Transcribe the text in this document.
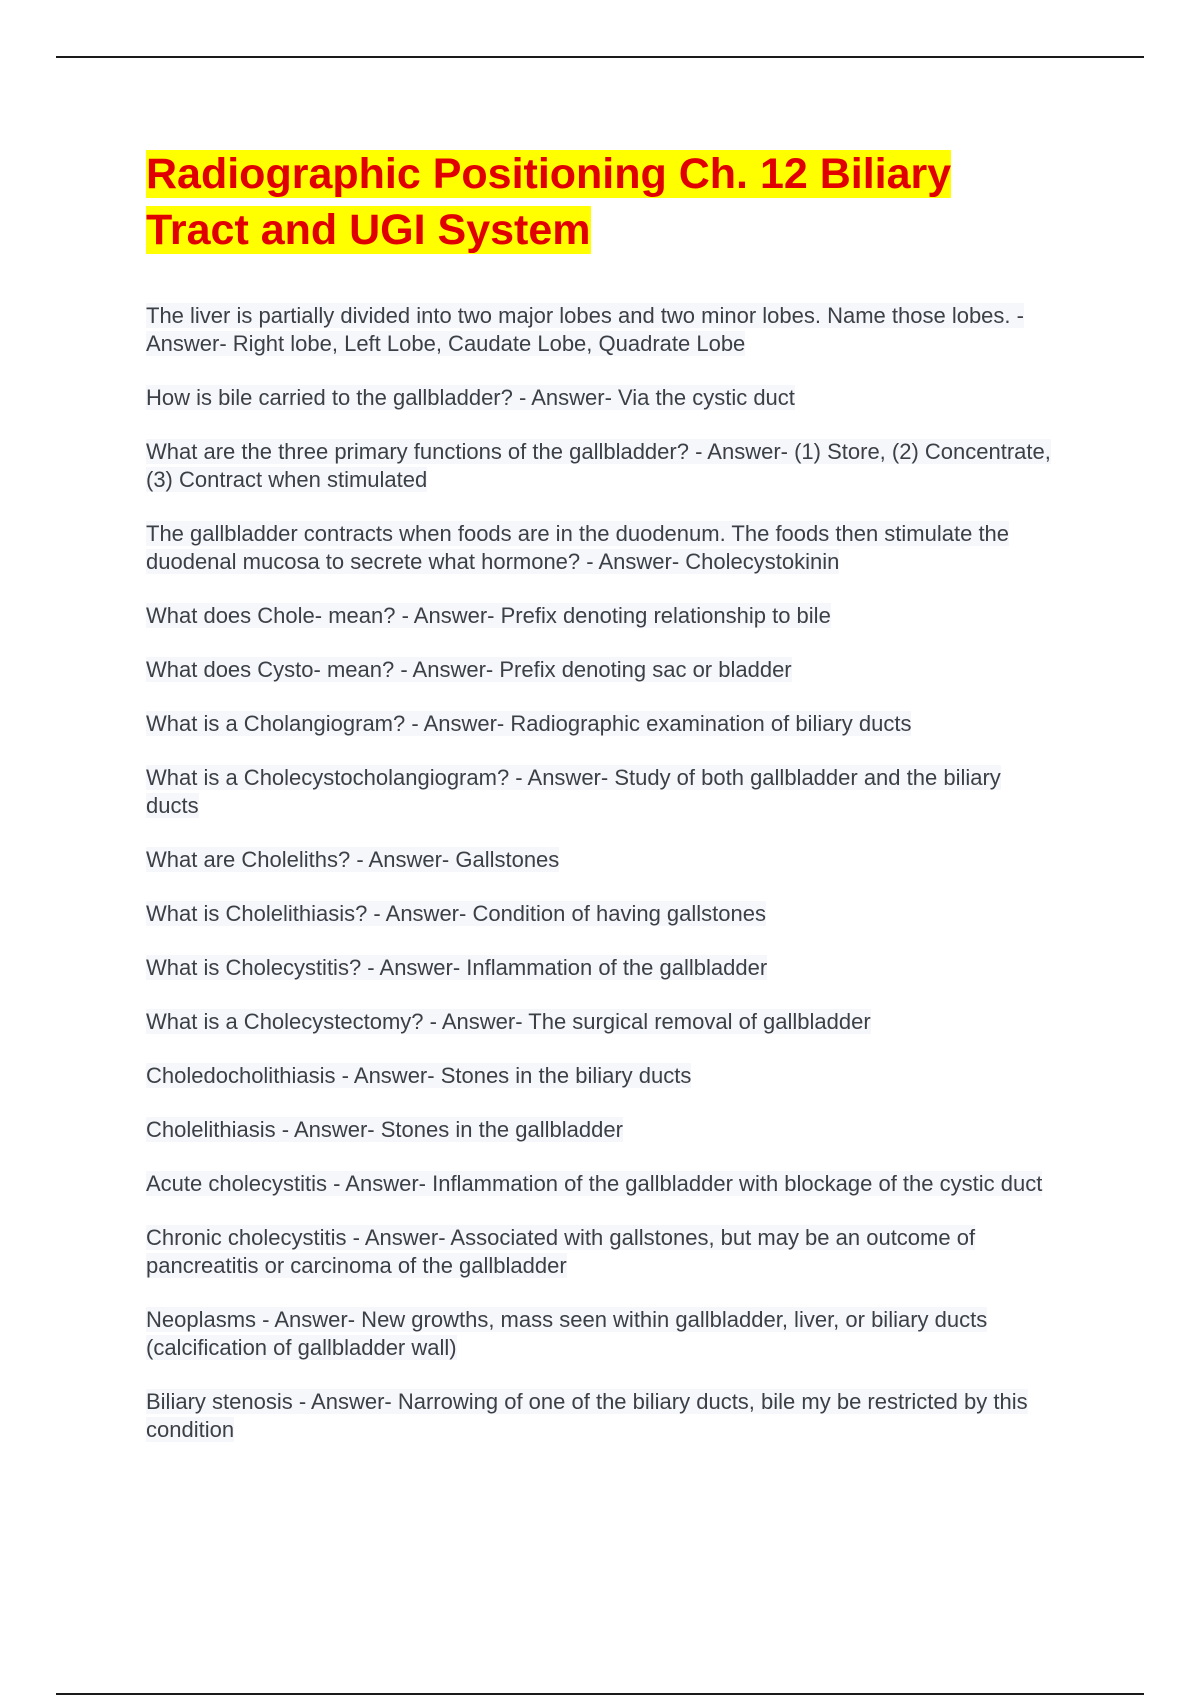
Radiographic Positioning Ch. 12 Biliary
Tract and UGI System

The liver is partially divided into two major lobes and two minor lobes. Name those lobes. - Answer- Right lobe, Left Lobe, Caudate Lobe, Quadrate Lobe

How is bile carried to the gallbladder? - Answer- Via the cystic duct

What are the three primary functions of the gallbladder? - Answer- (1) Store, (2) Concentrate, (3) Contract when stimulated

The gallbladder contracts when foods are in the duodenum. The foods then stimulate the duodenal mucosa to secrete what hormone? - Answer- Cholecystokinin

What does Chole- mean? - Answer- Prefix denoting relationship to bile

What does Cysto- mean? - Answer- Prefix denoting sac or bladder

What is a Cholangiogram? - Answer- Radiographic examination of biliary ducts

What is a Cholecystocholangiogram? - Answer- Study of both gallbladder and the biliary ducts

What are Choleliths? - Answer- Gallstones

What is Cholelithiasis? - Answer- Condition of having gallstones

What is Cholecystitis? - Answer- Inflammation of the gallbladder

What is a Cholecystectomy? - Answer- The surgical removal of gallbladder

Choledocholithiasis - Answer- Stones in the biliary ducts

Cholelithiasis - Answer- Stones in the gallbladder

Acute cholecystitis - Answer- Inflammation of the gallbladder with blockage of the cystic duct

Chronic cholecystitis - Answer- Associated with gallstones, but may be an outcome of pancreatitis or carcinoma of the gallbladder

Neoplasms - Answer- New growths, mass seen within gallbladder, liver, or biliary ducts (calcification of gallbladder wall)

Biliary stenosis - Answer- Narrowing of one of the biliary ducts, bile my be restricted by this condition
